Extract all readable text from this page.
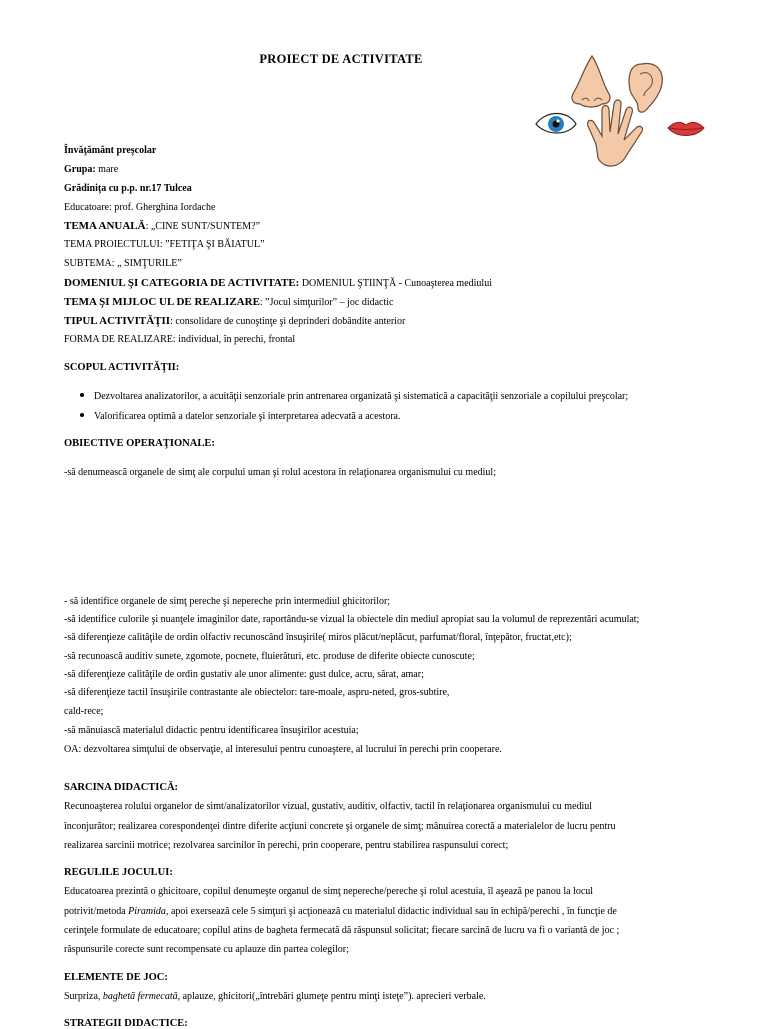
PROIECT DE ACTIVITATE
Învăţământ preşcolar
Grupa: mare
Grădiniţa cu p.p. nr.17 Tulcea
Educatoare: prof. Gherghina Iordache
TEMA ANUALĂ: „CINE SUNT/SUNTEM?”
TEMA PROIECTULUI: ”FETIŢA ŞI BĂIATUL”
SUBTEMA: „ SIMŢURILE”
DOMENIUL ŞI CATEGORIA DE ACTIVITATE: DOMENIUL ŞTIINŢĂ - Cunoaşterea mediului
TEMA ŞI MIJLOC UL DE REALIZARE: ”Jocul simţurilor” – joc didactic
TIPUL ACTIVITĂŢII: consolidare de cunoştinţe şi deprinderi dobândite anterior
FORMA DE REALIZARE: individual, în perechi, frontal
SCOPUL ACTIVITĂŢII:
Dezvoltarea analizatorilor, a acuităţii senzoriale prin antrenarea organizată şi sistematică a capacităţii senzoriale a copilului preşcolar;
Valorificarea optimă a datelor senzoriale şi interpretarea adecvată a acestora.
OBIECTIVE OPERAŢIONALE:
-să denumească organele de simţ ale corpului uman şi rolul acestora în relaţionarea organismului cu mediul;
- să identifice organele de simţ pereche şi nepereche prin intermediul ghicitorilor;
-să identifice culorile şi nuanţele imaginilor date, raportându-se vizual la obiectele din mediul apropiat sau la volumul de reprezentări acumulat;
-să diferenţieze calităţile de ordin olfactiv recunoscând însuşirile( miros plăcut/neplăcut, parfumat/floral, înţepător, fructat,etc);
-să recunoască auditiv sunete, zgomote, pocnete, fluierături, etc. produse de diferite obiecte cunoscute;
-să diferenţieze calităţile de ordin gustativ ale unor alimente: gust dulce, acru, sărat, amar;
-să diferenţieze tactil însuşirile contrastante ale obiectelor: tare-moale, aspru-neted, gros-subtire,
cald-rece;
-să mânuiască materialul didactic pentru identificarea însuşirilor acestuia;
OA: dezvoltarea simţului de observaţie, al interesului pentru cunoaştere, al lucrului în perechi prin cooperare.
SARCINA DIDACTICĂ:
Recunoaşterea rolului organelor de simt/analizatorilor vizual, gustativ, auditiv, olfactiv, tactil în relaţionarea organismului cu mediul
înconjurător; realizarea corespondenţei dintre diferite acţiuni concrete şi organele de simţ; mânuirea corectă a materialelor de lucru pentru
realizarea sarcinii motrice; rezolvarea sarcinilor în perechi, prin cooperare, pentru stabilirea raspunsului corect;
REGULILE JOCULUI:
Educatoarea prezintă o ghicitoare, copilul denumeşte organul de simţ nepereche/pereche şi rolul acestuia, îl aşează pe panou la locul
potrivit/metoda Piramida, apoi exersează cele 5 simţuri şi acţionează cu materialul didactic individual sau în echipă/perechi , în funcţie de
cerinţele formulate de educatoare; copilul atins de bagheta fermecată dă răspunsul solicitat; fiecare sarcină de lucru va fi o variantă de joc ;
răspunsurile corecte sunt recompensate cu aplauze din partea colegilor;
ELEMENTE DE JOC:
Surpriza, baghetă fermecată, aplauze, ghicitori(„întrebări glumeţe pentru minţi isteţe”). aprecieri verbale.
STRATEGII DIDACTICE:
